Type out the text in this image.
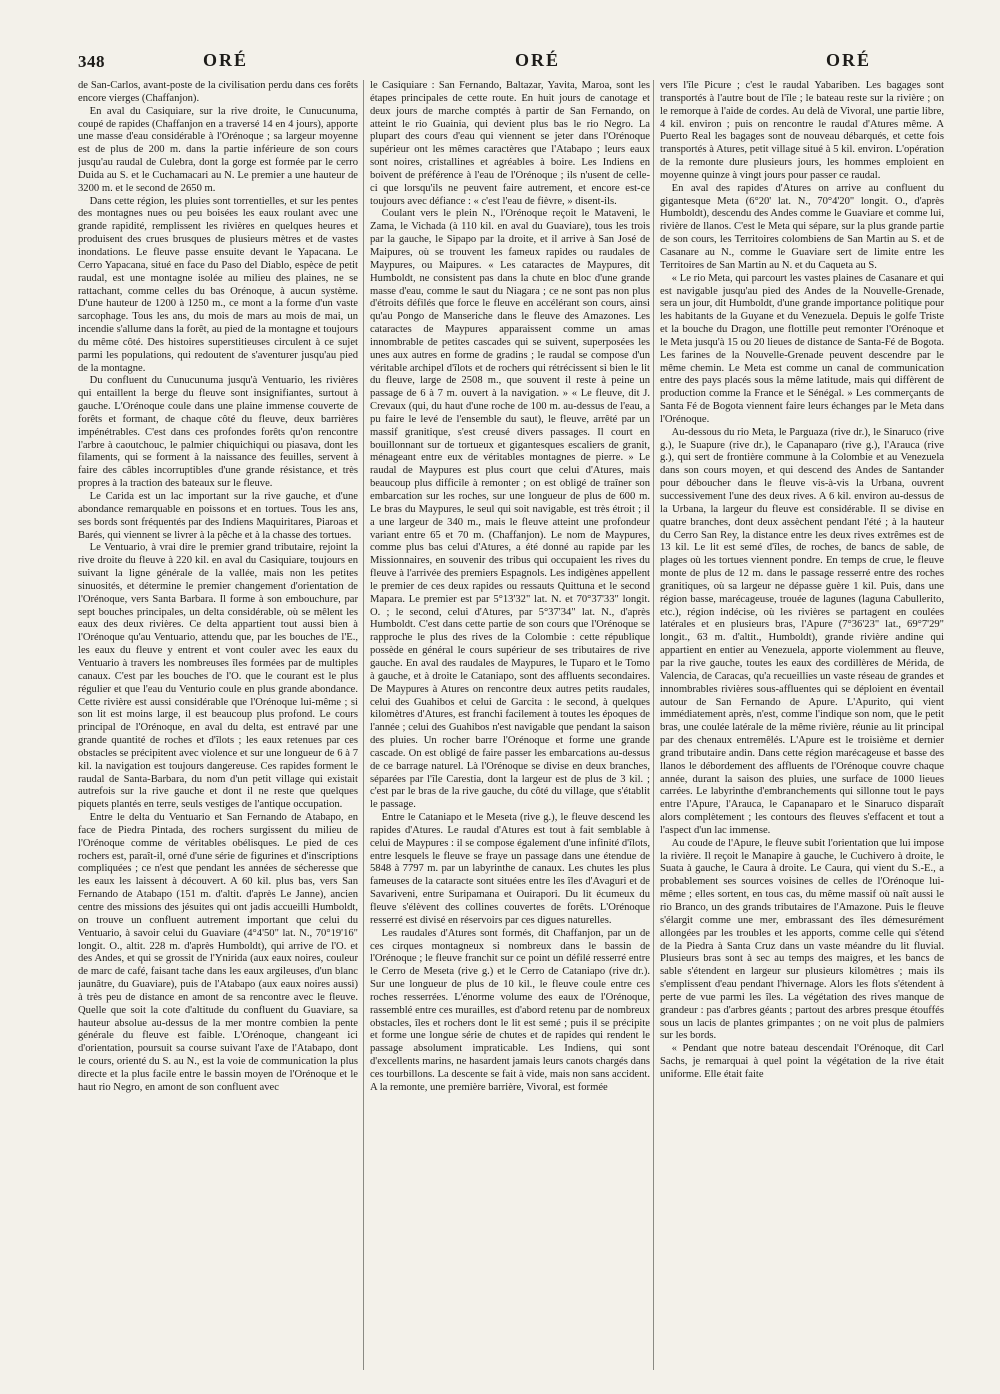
348	ORÉ	ORÉ	ORÉ

de San-Carlos, avant-poste de la civilisation perdu dans ces forêts encore vierges (Chaffanjon).

En aval du Casiquiare, sur la rive droite, le Cunucunuma, coupé de rapides (Chaffanjon en a traversé 14 en 4 jours), apporte une masse d'eau considérable à l'Orénoque ; sa largeur moyenne est de plus de 200 m. dans la partie inférieure de son cours jusqu'au raudal de Culebra, dont la gorge est formée par le cerro Duida au S. et le Cuchamacari au N. Le premier a une hauteur de 3200 m. et le second de 2650 m.

Dans cette région, les pluies sont torrentielles, et sur les pentes des montagnes nues ou peu boisées les eaux roulant avec une grande rapidité, remplissent les rivières en quelques heures et produisent des crues brusques de plusieurs mètres et de vastes inondations. Le fleuve passe ensuite devant le Yapacana. Le Cerro Yapacana, situé en face du Paso del Diablo, espèce de petit raudal, est une montagne isolée au milieu des plaines, ne se rattachant, comme celles du bas Orénoque, à aucun système. D'une hauteur de 1200 à 1250 m., ce mont a la forme d'un vaste sarcophage. Tous les ans, du mois de mars au mois de mai, un incendie s'allume dans la forêt, au pied de la montagne et toujours du même côté. Des histoires superstitieuses circulent à ce sujet parmi les populations, qui redoutent de s'aventurer jusqu'au pied de la montagne.

Du confluent du Cunucunuma jusqu'à Ventuario, les rivières qui entaillent la berge du fleuve sont insignifiantes, surtout à gauche. L'Orénoque coule dans une plaine immense couverte de forêts et formant, de chaque côté du fleuve, deux barrières impénétrables. C'est dans ces profondes forêts qu'on rencontre l'arbre à caoutchouc, le palmier chiquichiqui ou piasava, dont les filaments, qui se forment à la naissance des feuilles, servent à faire des câbles incorruptibles d'une grande résistance, et très propres à la traction des bateaux sur le fleuve.

Le Carida est un lac important sur la rive gauche, et d'une abondance remarquable en poissons et en tortues. Tous les ans, ses bords sont fréquentés par des Indiens Maquiritares, Piaroas et Barés, qui viennent se livrer à la pêche et à la chasse des tortues.

Le Ventuario, à vrai dire le premier grand tributaire, rejoint la rive droite du fleuve à 220 kil. en aval du Casiquiare, toujours en suivant la ligne générale de la vallée, mais non les petites sinuosités, et détermine le premier changement d'orientation de l'Orénoque, vers Santa Barbara. Il forme à son embouchure, par sept bouches principales, un delta considérable, où se mêlent les eaux des deux rivières. Ce delta appartient tout aussi bien à l'Orénoque qu'au Ventuario, attendu que, par les bouches de l'E., les eaux du fleuve y entrent et vont couler avec les eaux du Ventuario à travers les nombreuses îles formées par de multiples canaux. C'est par les bouches de l'O. que le courant est le plus régulier et que l'eau du Venturio coule en plus grande abondance. Cette rivière est aussi considérable que l'Orénoque lui-même ; si son lit est moins large, il est beaucoup plus profond. Le cours principal de l'Orénoque, en aval du delta, est entravé par une grande quantité de roches et d'îlots ; les eaux retenues par ces obstacles se précipitent avec violence et sur une longueur de 6 à 7 kil. la navigation est toujours dangereuse. Ces rapides forment le raudal de Santa-Barbara, du nom d'un petit village qui existait autrefois sur la rive gauche et dont il ne reste que quelques piquets plantés en terre, seuls vestiges de l'antique occupation.

Entre le delta du Ventuario et San Fernando de Atabapo, en face de Piedra Pintada, des rochers surgissent du milieu de l'Orénoque comme de véritables obélisques. Le pied de ces rochers est, paraît-il, orné d'une série de figurines et d'inscriptions compliquées ; ce n'est que pendant les années de sécheresse que les eaux les laissent à découvert. A 60 kil. plus bas, vers San Fernando de Atabapo (151 m. d'altit. d'après Le Janne), ancien centre des missions des jésuites qui ont jadis accueilli Humboldt, on trouve un confluent autrement important que celui du Ventuario, à savoir celui du Guaviare (4°4'50" lat. N., 70°19'16" longit. O., altit. 228 m. d'après Humboldt), qui arrive de l'O. et des Andes, et qui se grossit de l'Ynirida (aux eaux noires, couleur de marc de café, faisant tache dans les eaux argileuses, d'un blanc jaunâtre, du Guaviare), puis de l'Atabapo (aux eaux noires aussi) à très peu de distance en amont de sa rencontre avec le fleuve. Quelle que soit la cote d'altitude du confluent du Guaviare, sa hauteur absolue au-dessus de la mer montre combien la pente générale du fleuve est faible. L'Orénoque, changeant ici d'orientation, poursuit sa course suivant l'axe de l'Atabapo, dont le cours, orienté du S. au N., est la voie de communication la plus directe et la plus facile entre le bassin moyen de l'Orénoque et le haut rio Negro, en amont de son confluent avec

le Casiquiare : San Fernando, Baltazar, Yavita, Maroa, sont les étapes principales de cette route. En huit jours de canotage et deux jours de marche comptés à partir de San Fernando, on atteint le rio Guainia, qui devient plus bas le rio Negro. La plupart des cours d'eau qui viennent se jeter dans l'Orénoque supérieur ont les mêmes caractères que l'Atabapo ; leurs eaux sont noires, cristallines et agréables à boire. Les Indiens en boivent de préférence à l'eau de l'Orénoque ; ils n'usent de celle-ci que lorsqu'ils ne peuvent faire autrement, et encore est-ce toujours avec défiance : « c'est l'eau de fièvre, » disent-ils.

Coulant vers le plein N., l'Orénoque reçoit le Mataveni, le Zama, le Vichada (à 110 kil. en aval du Guaviare), tous les trois par la gauche, le Sipapo par la droite, et il arrive à San José de Maipures, où se trouvent les fameux rapides ou raudales de Maypures, ou Maipures. « Les cataractes de Maypures, dit Humboldt, ne consistent pas dans la chute en bloc d'une grande masse d'eau, comme le saut du Niagara ; ce ne sont pas non plus d'étroits défilés que force le fleuve en accélérant son cours, ainsi qu'au Pongo de Manseriche dans le fleuve des Amazones. Les cataractes de Maypures apparaissent comme un amas innombrable de petites cascades qui se suivent, superposées les unes aux autres en forme de gradins ; le raudal se compose d'un véritable archipel d'îlots et de rochers qui rétrécissent si bien le lit du fleuve, large de 2508 m., que souvent il reste à peine un passage de 6 à 7 m. ouvert à la navigation. » « Le fleuve, dit J. Crevaux (qui, du haut d'une roche de 100 m. au-dessus de l'eau, a pu faire le levé de l'ensemble du saut), le fleuve, arrêté par un massif granitique, s'est creusé divers passages. Il court en bouillonnant sur de tortueux et gigantesques escaliers de granit, ménageant entre eux de véritables montagnes de pierre. » Le raudal de Maypures est plus court que celui d'Atures, mais beaucoup plus difficile à remonter ; on est obligé de traîner son embarcation sur les roches, sur une longueur de plus de 600 m. Le bras du Maypures, le seul qui soit navigable, est très étroit ; il a une largeur de 340 m., mais le fleuve atteint une profondeur variant entre 65 et 70 m. (Chaffanjon). Le nom de Maypures, comme plus bas celui d'Atures, a été donné au rapide par les Missionnaires, en souvenir des tribus qui occupaient les rives du fleuve à l'arrivée des premiers Espagnols. Les indigènes appellent le premier de ces deux rapides ou ressauts Quittuna et le second Mapara. Le premier est par 5°13'32" lat. N. et 70°37'33" longit. O. ; le second, celui d'Atures, par 5°37'34" lat. N., d'après Humboldt. C'est dans cette partie de son cours que l'Orénoque se rapproche le plus des rives de la Colombie : cette république possède en général le cours supérieur de ses tributaires de rive gauche. En aval des raudales de Maypures, le Tuparo et le Tomo à gauche, et à droite le Cataniapo, sont des affluents secondaires. De Maypures à Atures on rencontre deux autres petits raudales, celui des Guahibos et celui de Garcita : le second, à quelques kilomètres d'Atures, est franchi facilement à toutes les époques de l'année ; celui des Guahibos n'est navigable que pendant la saison des pluies. Un rocher barre l'Orénoque et forme une grande cascade. On est obligé de faire passer les embarcations au-dessus de ce barrage naturel. Là l'Orénoque se divise en deux branches, séparées par l'île Carestia, dont la largeur est de plus de 3 kil. ; c'est par le bras de la rive gauche, du côté du village, que s'établit le passage.

Entre le Cataniapo et le Meseta (rive g.), le fleuve descend les rapides d'Atures. Le raudal d'Atures est tout à fait semblable à celui de Maypures : il se compose également d'une infinité d'îlots, entre lesquels le fleuve se fraye un passage dans une étendue de 5848 à 7797 m. par un labyrinthe de canaux. Les chutes les plus fameuses de la cataracte sont situées entre les îles d'Avaguri et de Savariveni, entre Suripamana et Ouirapori. Du lit écumeux du fleuve s'élèvent des collines couvertes de forêts. L'Orénoque resserré est divisé en réservoirs par ces digues naturelles.

Les raudales d'Atures sont formés, dit Chaffanjon, par un de ces cirques montagneux si nombreux dans le bassin de l'Orénoque ; le fleuve franchit sur ce point un défilé resserré entre le Cerro de Meseta (rive g.) et le Cerro de Cataniapo (rive dr.). Sur une longueur de plus de 10 kil., le fleuve coule entre ces roches resserrées. L'énorme volume des eaux de l'Orénoque, rassemblé entre ces murailles, est d'abord retenu par de nombreux obstacles, îles et rochers dont le lit est semé ; puis il se précipite et forme une longue série de chutes et de rapides qui rendent le passage absolument impraticable. Les Indiens, qui sont d'excellents marins, ne hasardent jamais leurs canots chargés dans ces tourbillons. La descente se fait à vide, mais non sans accident. A la remonte, une première barrière, Vivoral, est formée

vers l'île Picure ; c'est le raudal Yabariben. Les bagages sont transportés à l'autre bout de l'île ; le bateau reste sur la rivière ; on le remorque à l'aide de cordes. Au delà de Vivoral, une partie libre, 4 kil. environ ; puis on rencontre le raudal d'Atures même. A Puerto Real les bagages sont de nouveau débarqués, et cette fois transportés à Atures, petit village situé à 5 kil. environ. L'opération de la remonte dure plusieurs jours, les hommes emploient en moyenne quinze à vingt jours pour passer ce raudal.

En aval des rapides d'Atures on arrive au confluent du gigantesque Meta (6°20' lat. N., 70°4'20" longit. O., d'après Humboldt), descendu des Andes comme le Guaviare et comme lui, rivière de llanos. C'est le Meta qui sépare, sur la plus grande partie de son cours, les Territoires colombiens de San Martin au S. et de Casanare au N., comme le Guaviare sert de limite entre les Territoires de San Martin au N. et du Caqueta au S.

« Le rio Meta, qui parcourt les vastes plaines de Casanare et qui est navigable jusqu'au pied des Andes de la Nouvelle-Grenade, sera un jour, dit Humboldt, d'une grande importance politique pour les habitants de la Guyane et du Venezuela. Depuis le golfe Triste et la bouche du Dragon, une flottille peut remonter l'Orénoque et le Meta jusqu'à 15 ou 20 lieues de distance de Santa-Fé de Bogota. Les farines de la Nouvelle-Grenade peuvent descendre par le même chemin. Le Meta est comme un canal de communication entre des pays placés sous la même latitude, mais qui diffèrent de production comme la France et le Sénégal. » Les commerçants de Santa Fé de Bogota viennent faire leurs échanges par le Meta dans l'Orénoque.

Au-dessous du rio Meta, le Parguaza (rive dr.), le Sinaruco (rive g.), le Suapure (rive dr.), le Capanaparo (rive g.), l'Arauca (rive g.), qui sert de frontière commune à la Colombie et au Venezuela dans son cours moyen, et qui descend des Andes de Santander pour déboucher dans le fleuve vis-à-vis la Urbana, ouvrent successivement l'une des deux rives. A 6 kil. environ au-dessus de la Urbana, la largeur du fleuve est considérable. Il se divise en quatre branches, dont deux assèchent pendant l'été ; à la hauteur du Cerro San Rey, la distance entre les deux rives extrêmes est de 13 kil. Le lit est semé d'îles, de roches, de bancs de sable, de plages où les tortues viennent pondre. En temps de crue, le fleuve monte de plus de 12 m. dans le passage resserré entre des roches granitiques, où sa largeur ne dépasse guère 1 kil. Puis, dans une région basse, marécageuse, trouée de lagunes (laguna Cabullerito, etc.), région indécise, où les rivières se partagent en coulées latérales et en plusieurs bras, l'Apure (7°36'23" lat., 69°7'29" longit., 63 m. d'altit., Humboldt), grande rivière andine qui appartient en entier au Venezuela, apporte violemment au fleuve, par la rive gauche, toutes les eaux des cordillères de Mérida, de Valencia, de Caracas, qu'a recueillies un vaste réseau de grandes et innombrables rivières sous-affluentes qui se déploient en éventail autour de San Fernando de Apure. L'Apurito, qui vient immédiatement après, n'est, comme l'indique son nom, que le petit bras, une coulée latérale de la même rivière, réunie au lit principal par des chenaux entremêlés. L'Apure est le troisième et dernier grand tributaire andin. Dans cette région marécageuse et basse des llanos le débordement des affluents de l'Orénoque couvre chaque année, durant la saison des pluies, une surface de 1000 lieues carrées. Le labyrinthe d'embranchements qui sillonne tout le pays entre l'Apure, l'Arauca, le Capanaparo et le Sinaruco disparaît alors complètement ; les contours des fleuves s'effacent et tout a l'aspect d'un lac immense.

Au coude de l'Apure, le fleuve subit l'orientation que lui impose la rivière. Il reçoit le Manapire à gauche, le Cuchivero à droite, le Suata à gauche, le Caura à droite. Le Caura, qui vient du S.-E., a probablement ses sources voisines de celles de l'Orénoque lui-même ; elles sortent, en tous cas, du même massif où naît aussi le rio Branco, un des grands tributaires de l'Amazone. Puis le fleuve s'élargit comme une mer, embrassant des îles démesurément allongées par les troubles et les apports, comme celle qui s'étend de la Piedra à Santa Cruz dans un vaste méandre du lit fluvial. Plusieurs bras sont à sec au temps des maigres, et les bancs de sable s'étendent en largeur sur plusieurs kilomètres ; mais ils s'emplissent d'eau pendant l'hivernage. Alors les flots s'étendent à perte de vue parmi les îles. La végétation des rives manque de grandeur : pas d'arbres géants ; partout des arbres presque étouffés sous un lacis de plantes grimpantes ; on ne voit plus de palmiers sur les bords.

« Pendant que notre bateau descendait l'Orénoque, dit Carl Sachs, je remarquai à quel point la végétation de la rive était uniforme. Elle était faite
